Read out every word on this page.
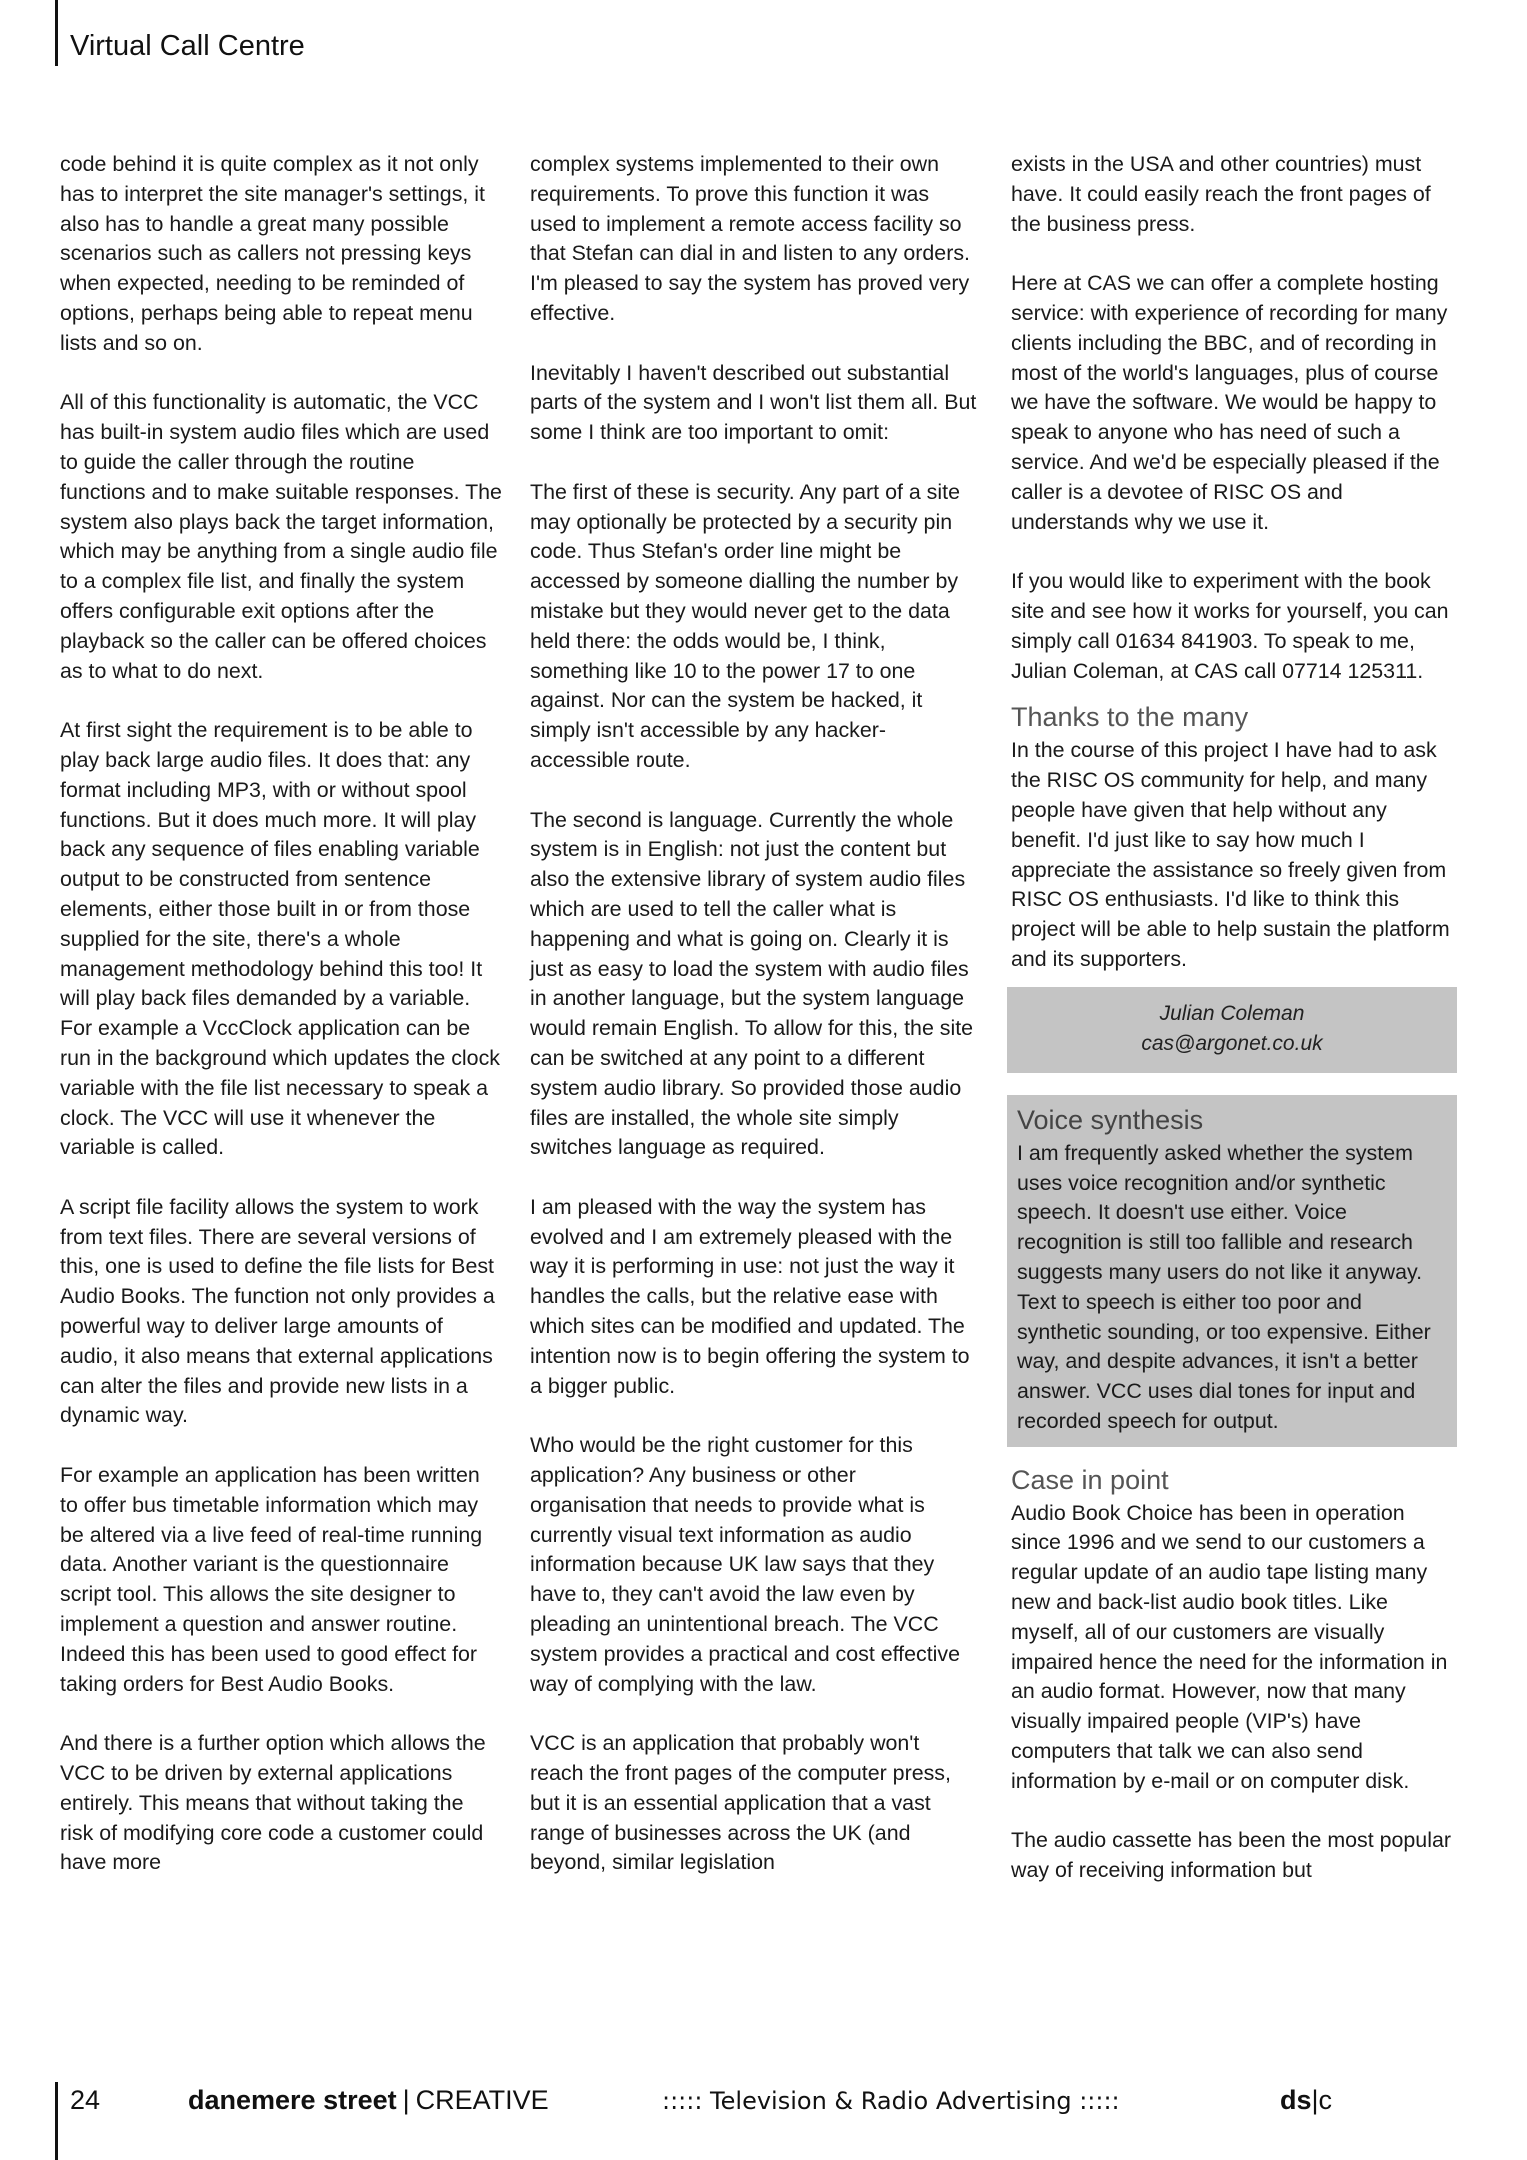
Virtual Call Centre

code behind it is quite complex as it not only has to interpret the site manager's settings, it also has to handle a great many possible scenarios such as callers not pressing keys when expected, needing to be reminded of options, perhaps being able to repeat menu lists and so on.

All of this functionality is automatic, the VCC has built-in system audio files which are used to guide the caller through the routine functions and to make suitable responses. The system also plays back the target information, which may be anything from a single audio file to a complex file list, and finally the system offers configurable exit options after the playback so the caller can be offered choices as to what to do next.

At first sight the requirement is to be able to play back large audio files. It does that: any format including MP3, with or without spool functions. But it does much more. It will play back any sequence of files enabling variable output to be constructed from sentence elements, either those built in or from those supplied for the site, there's a whole management methodology behind this too! It will play back files demanded by a variable. For example a VccClock application can be run in the background which updates the clock variable with the file list necessary to speak a clock. The VCC will use it whenever the variable is called.

A script file facility allows the system to work from text files. There are several versions of this, one is used to define the file lists for Best Audio Books. The function not only provides a powerful way to deliver large amounts of audio, it also means that external applications can alter the files and provide new lists in a dynamic way.

For example an application has been written to offer bus timetable information which may be altered via a live feed of real-time running data. Another variant is the questionnaire script tool. This allows the site designer to implement a question and answer routine. Indeed this has been used to good effect for taking orders for Best Audio Books.

And there is a further option which allows the VCC to be driven by external applications entirely. This means that without taking the risk of modifying core code a customer could have more

complex systems implemented to their own requirements. To prove this function it was used to implement a remote access facility so that Stefan can dial in and listen to any orders. I'm pleased to say the system has proved very effective.

Inevitably I haven't described out substantial parts of the system and I won't list them all. But some I think are too important to omit:

The first of these is security. Any part of a site may optionally be protected by a security pin code. Thus Stefan's order line might be accessed by someone dialling the number by mistake but they would never get to the data held there: the odds would be, I think, something like 10 to the power 17 to one against. Nor can the system be hacked, it simply isn't accessible by any hacker-accessible route.

The second is language. Currently the whole system is in English: not just the content but also the extensive library of system audio files which are used to tell the caller what is happening and what is going on. Clearly it is just as easy to load the system with audio files in another language, but the system language would remain English. To allow for this, the site can be switched at any point to a different system audio library. So provided those audio files are installed, the whole site simply switches language as required.

I am pleased with the way the system has evolved and I am extremely pleased with the way it is performing in use: not just the way it handles the calls, but the relative ease with which sites can be modified and updated. The intention now is to begin offering the system to a bigger public.

Who would be the right customer for this application? Any business or other organisation that needs to provide what is currently visual text information as audio information because UK law says that they have to, they can't avoid the law even by pleading an unintentional breach. The VCC system provides a practical and cost effective way of complying with the law.

VCC is an application that probably won't reach the front pages of the computer press, but it is an essential application that a vast range of businesses across the UK (and beyond, similar legislation

exists in the USA and other countries) must have. It could easily reach the front pages of the business press.

Here at CAS we can offer a complete hosting service: with experience of recording for many clients including the BBC, and of recording in most of the world's languages, plus of course we have the software. We would be happy to speak to anyone who has need of such a service. And we'd be especially pleased if the caller is a devotee of RISC OS and understands why we use it.

If you would like to experiment with the book site and see how it works for yourself, you can simply call 01634 841903. To speak to me, Julian Coleman, at CAS call 07714 125311.

Thanks to the many

In the course of this project I have had to ask the RISC OS community for help, and many people have given that help without any benefit. I'd just like to say how much I appreciate the assistance so freely given from RISC OS enthusiasts. I'd like to think this project will be able to help sustain the platform and its supporters.

Julian Coleman
cas@argonet.co.uk
Voice synthesis

I am frequently asked whether the system uses voice recognition and/or synthetic speech. It doesn't use either. Voice recognition is still too fallible and research suggests many users do not like it anyway. Text to speech is either too poor and synthetic sounding, or too expensive. Either way, and despite advances, it isn't a better answer. VCC uses dial tones for input and recorded speech for output.

Case in point

Audio Book Choice has been in operation since 1996 and we send to our customers a regular update of an audio tape listing many new and back-list audio book titles. Like myself, all of our customers are visually impaired hence the need for the information in an audio format. However, now that many visually impaired people (VIP's) have computers that talk we can also send information by e-mail or on computer disk.

The audio cassette has been the most popular way of receiving information but

24	danemere street | CREATIVE	::::: Television & Radio Advertising :::::	ds|c
